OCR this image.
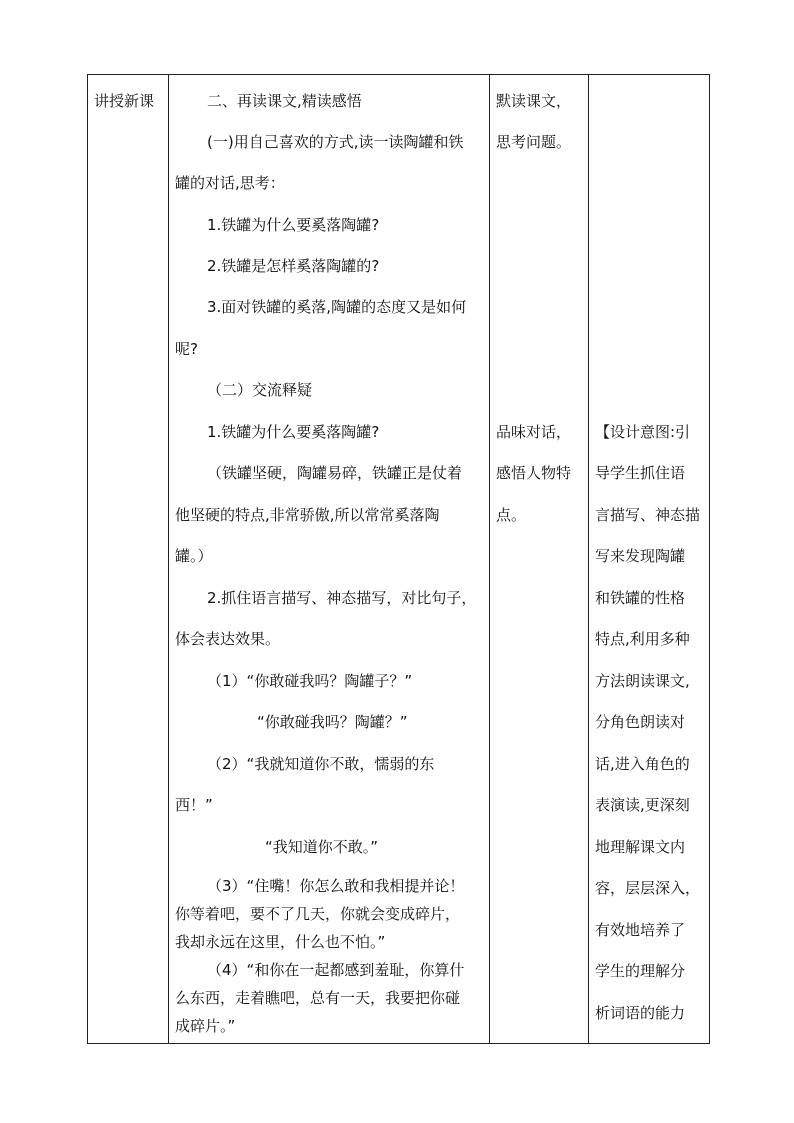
讲授新课	二、再读课文,精读感悟
(一)用自己喜欢的方式,读一读陶罐和铁
罐的对话,思考：
1.铁罐为什么要奚落陶罐?
2.铁罐是怎样奚落陶罐的?
3.面对铁罐的奚落,陶罐的态度又是如何
呢?
（二）交流释疑
1.铁罐为什么要奚落陶罐?
（铁罐坚硬，陶罐易碎，铁罐正是仗着
他坚硬的特点,非常骄傲,所以常常奚落陶
罐。）
2.抓住语言描写、神态描写，对比句子，
体会表达效果。
（1）“你敢碰我吗？陶罐子？”
“你敢碰我吗？陶罐？”
（2）“我就知道你不敢，懦弱的东
西！”
“我知道你不敢。”
（3）“住嘴！你怎么敢和我相提并论！
你等着吧，要不了几天，你就会变成碎片，
我却永远在这里，什么也不怕。”
（4）“和你在一起都感到羞耻，你算什
么东西，走着瞧吧，总有一天，我要把你碰
成碎片。”

默读课文，
思考问题。
品味对话，
感悟人物特
点。

【设计意图:引
导学生抓住语
言描写、神态描
写来发现陶罐
和铁罐的性格
特点,利用多种
方法朗读课文,
分角色朗读对
话,进入角色的
表演读,更深刻
地理解课文内
容，层层深入，
有效地培养了
学生的理解分
析词语的能力
